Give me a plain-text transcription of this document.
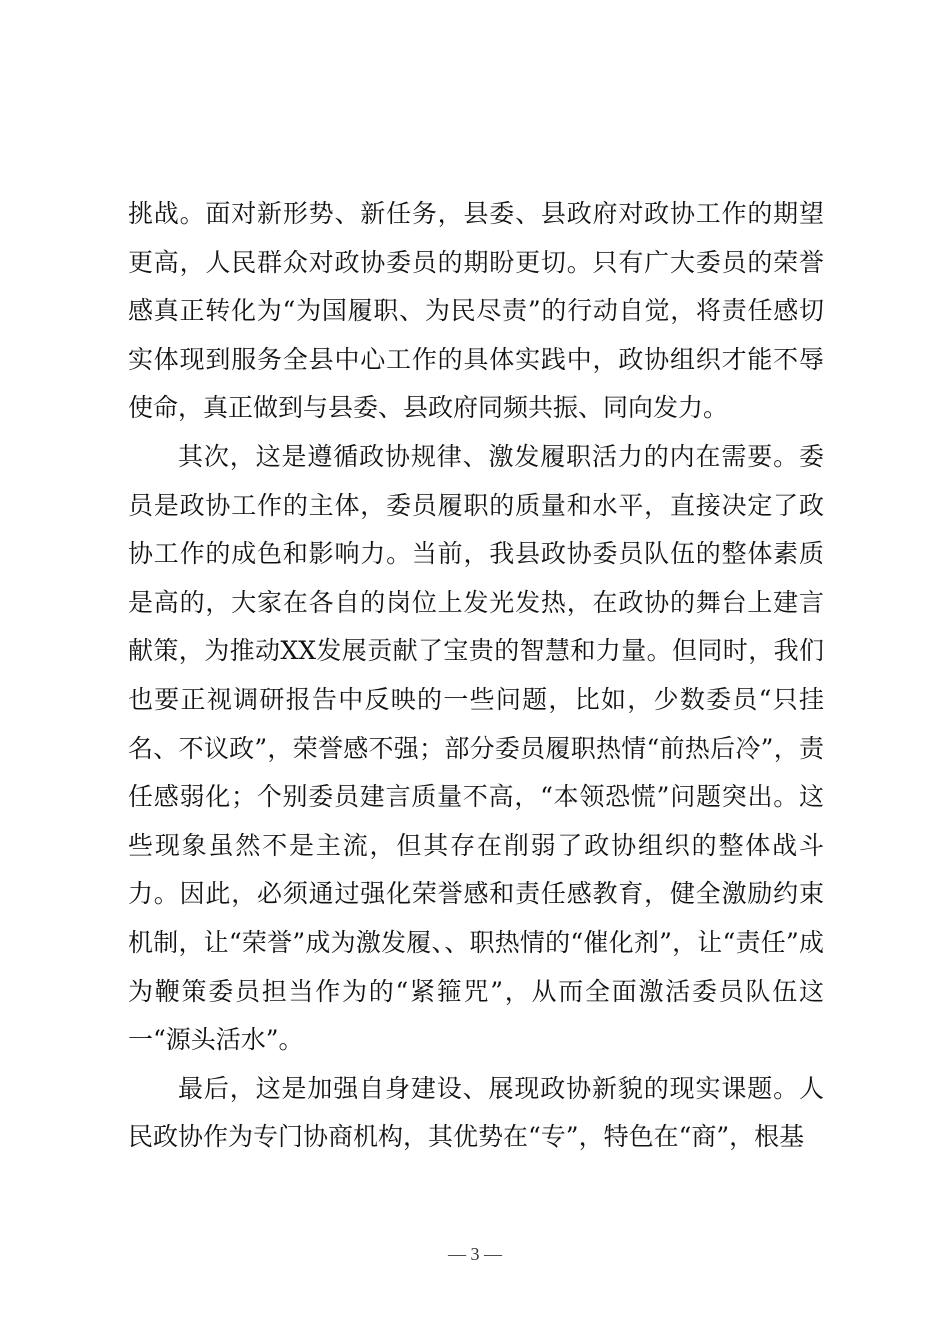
挑战。面对新形势、新任务，县委、县政府对政协工作的期望更高，人民群众对政协委员的期盼更切。只有广大委员的荣誉感真正转化为“为国履职、为民尽责”的行动自觉，将责任感切实体现到服务全县中心工作的具体实践中，政协组织才能不辱使命，真正做到与县委、县政府同频共振、同向发力。

其次，这是遵循政协规律、激发履职活力的内在需要。委员是政协工作的主体，委员履职的质量和水平，直接决定了政协工作的成色和影响力。当前，我县政协委员队伍的整体素质是高的，大家在各自的岗位上发光发热，在政协的舞台上建言献策，为推动XX发展贡献了宝贵的智慧和力量。但同时，我们也要正视调研报告中反映的一些问题，比如，少数委员“只挂名、不议政”，荣誉感不强；部分委员履职热情“前热后冷”，责任感弱化；个别委员建言质量不高，“本领恐慌”问题突出。这些现象虽然不是主流，但其存在削弱了政协组织的整体战斗力。因此，必须通过强化荣誉感和责任感教育，健全激励约束机制，让“荣誉”成为激发履、、职热情的“催化剂”，让“责任”成为鞭策委员担当作为的“紧箍咒”，从而全面激活委员队伍这一“源头活水”。

最后，这是加强自身建设、展现政协新貌的现实课题。人民政协作为专门协商机构，其优势在“专”，特色在“商”，根基

— 3 —
